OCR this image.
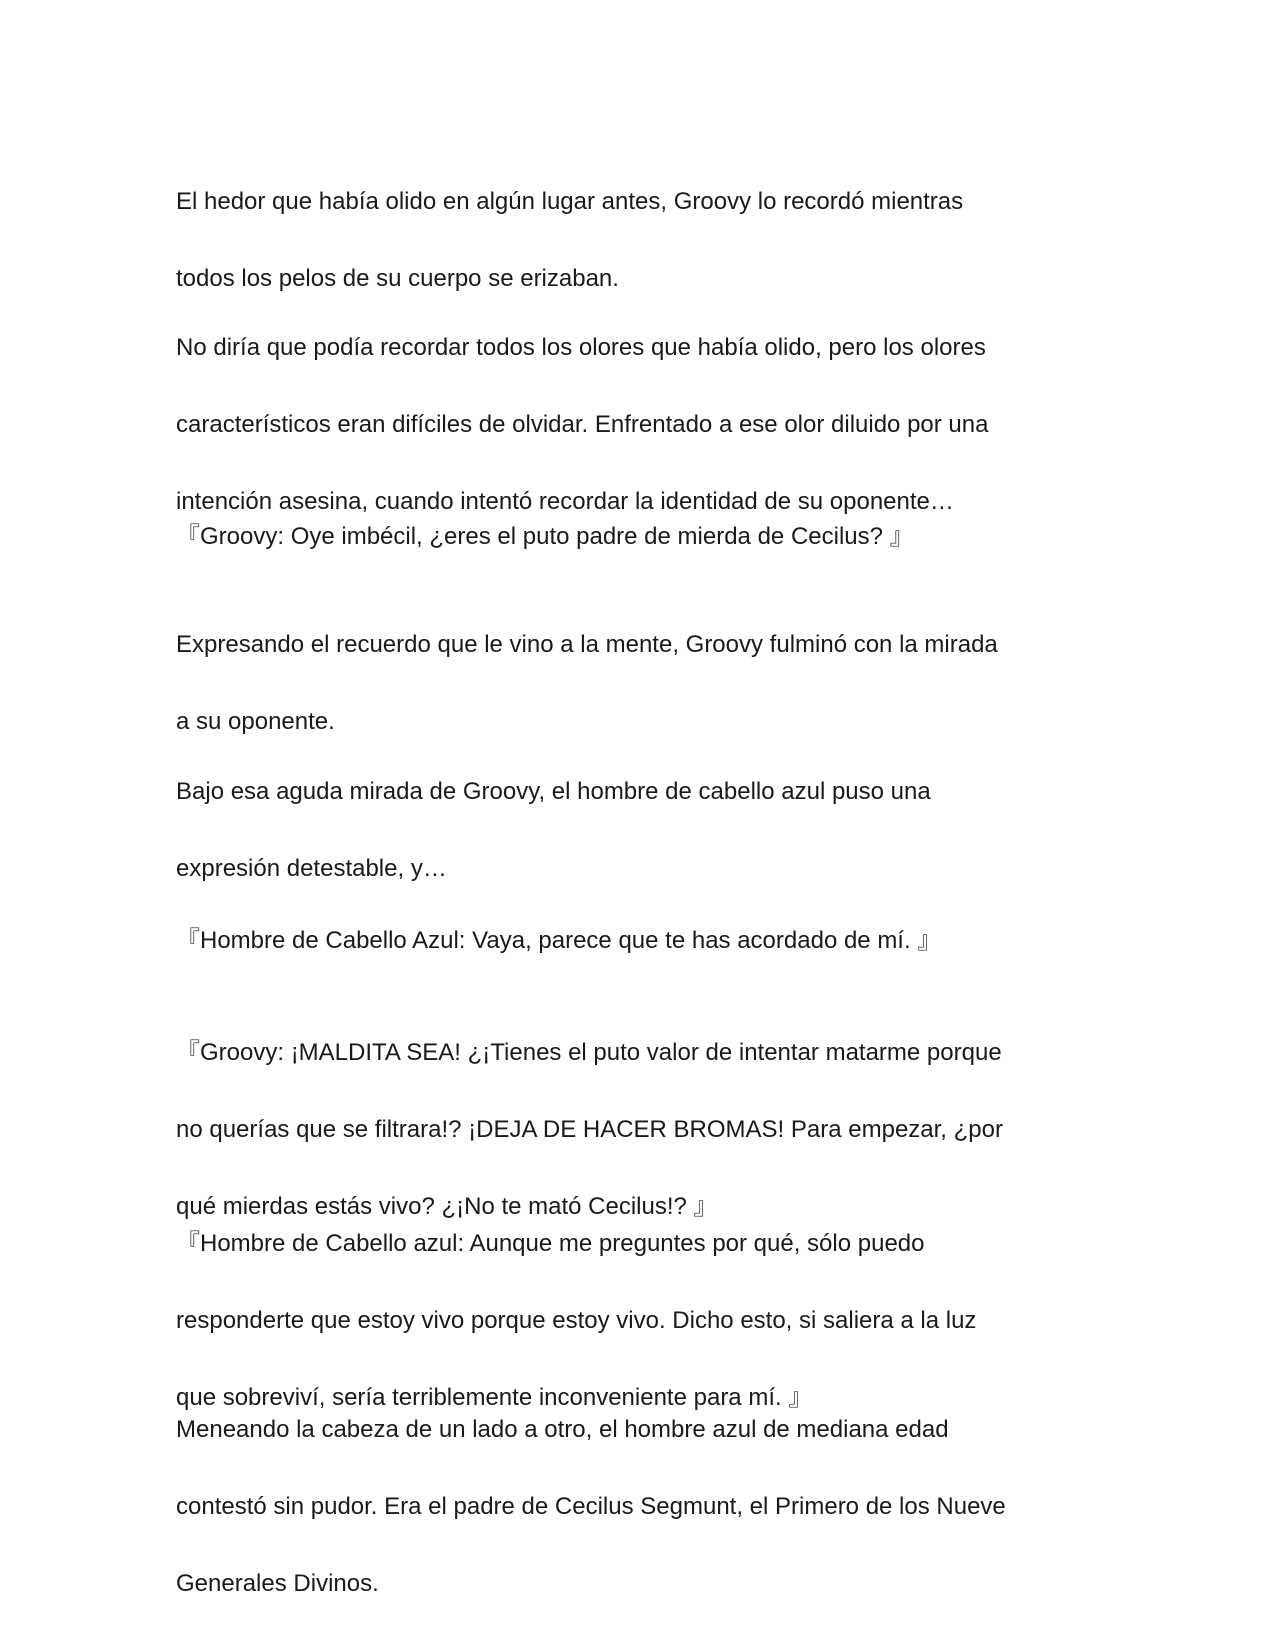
El hedor que había olido en algún lugar antes, Groovy lo recordó mientras

todos los pelos de su cuerpo se erizaban.

No diría que podía recordar todos los olores que había olido, pero los olores

característicos eran difíciles de olvidar. Enfrentado a ese olor diluido por una

intención asesina, cuando intentó recordar la identidad de su oponente…

『Groovy: Oye imbécil, ¿eres el puto padre de mierda de Cecilus? 』

Expresando el recuerdo que le vino a la mente, Groovy fulminó con la mirada

a su oponente.

Bajo esa aguda mirada de Groovy, el hombre de cabello azul puso una

expresión detestable, y…

『Hombre de Cabello Azul: Vaya, parece que te has acordado de mí. 』

『Groovy: ¡MALDITA SEA! ¿¡Tienes el puto valor de intentar matarme porque

no querías que se filtrara!? ¡DEJA DE HACER BROMAS! Para empezar, ¿por

qué mierdas estás vivo? ¿¡No te mató Cecilus!? 』

『Hombre de Cabello azul: Aunque me preguntes por qué, sólo puedo

responderte que estoy vivo porque estoy vivo. Dicho esto, si saliera a la luz

que sobreviví, sería terriblemente inconveniente para mí. 』

Meneando la cabeza de un lado a otro, el hombre azul de mediana edad

contestó sin pudor. Era el padre de Cecilus Segmunt, el Primero de los Nueve

Generales Divinos.
